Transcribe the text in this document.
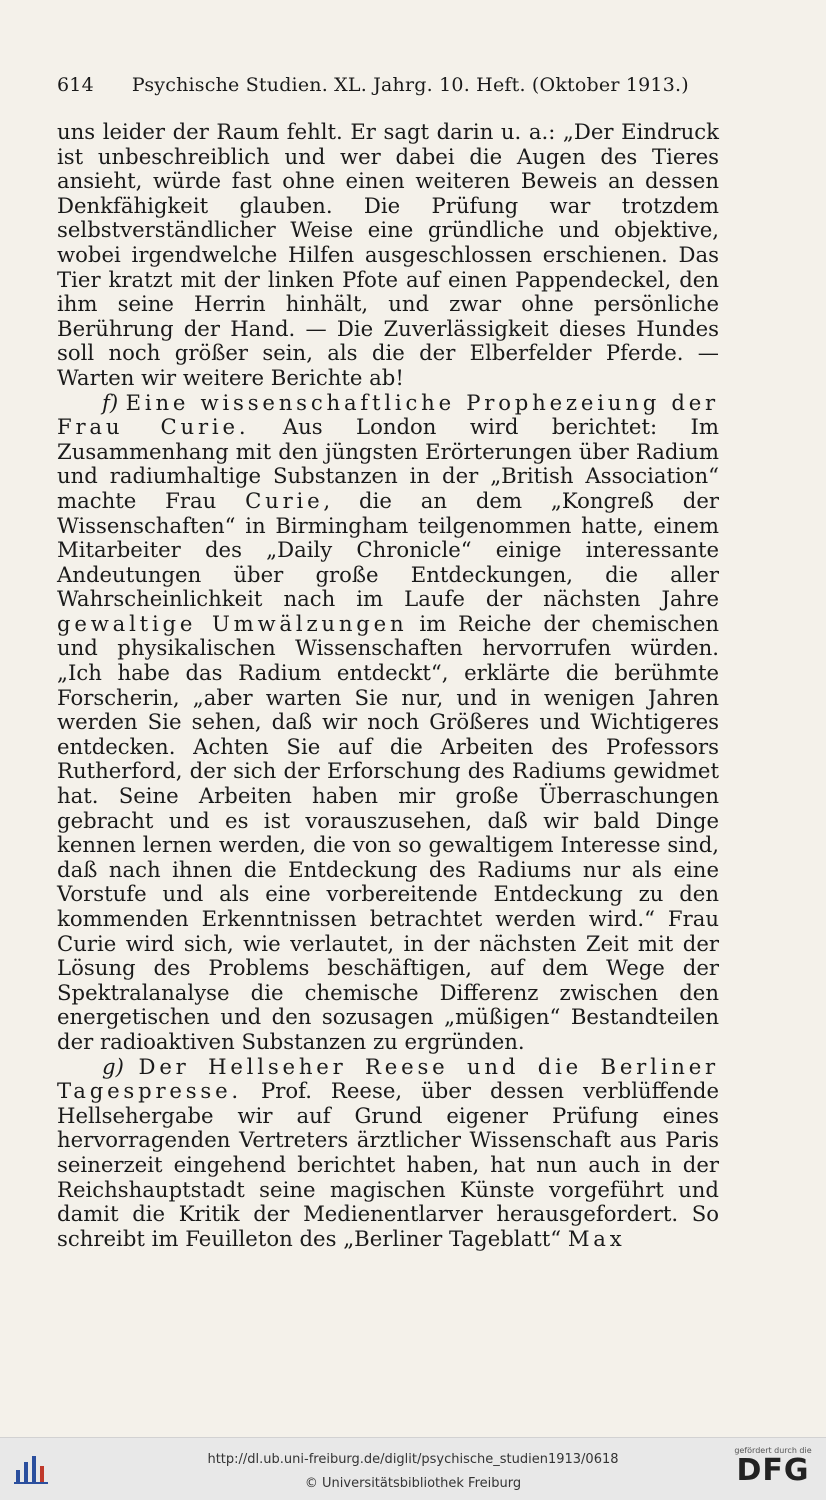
614 Psychische Studien. XL. Jahrg. 10. Heft. (Oktober 1913.)

uns leider der Raum fehlt. Er sagt darin u. a.: „Der Eindruck ist unbeschreiblich und wer dabei die Augen des Tieres ansieht, würde fast ohne einen weiteren Beweis an dessen Denkfähigkeit glauben. Die Prüfung war trotzdem selbstverständlicher Weise eine gründliche und objektive, wobei irgendwelche Hilfen ausgeschlossen erschienen. Das Tier kratzt mit der linken Pfote auf einen Pappendeckel, den ihm seine Herrin hinhält, und zwar ohne persönliche Berührung der Hand. — Die Zuverlässigkeit dieses Hundes soll noch größer sein, als die der Elberfelder Pferde. — Warten wir weitere Berichte ab!

f) Eine wissenschaftliche Prophezeiung der Frau Curie. Aus London wird berichtet: Im Zusammenhang mit den jüngsten Erörterungen über Radium und radiumhaltige Substanzen in der „British Association“ machte Frau Curie, die an dem „Kongreß der Wissenschaften“ in Birmingham teilgenommen hatte, einem Mitarbeiter des „Daily Chronicle“ einige interessante Andeutungen über große Entdeckungen, die aller Wahrscheinlichkeit nach im Laufe der nächsten Jahre gewaltige Umwälzungen im Reiche der chemischen und physikalischen Wissenschaften hervorrufen würden. „Ich habe das Radium entdeckt“, erklärte die berühmte Forscherin, „aber warten Sie nur, und in wenigen Jahren werden Sie sehen, daß wir noch Größeres und Wichtigeres entdecken. Achten Sie auf die Arbeiten des Professors Rutherford, der sich der Erforschung des Radiums gewidmet hat. Seine Arbeiten haben mir große Überraschungen gebracht und es ist vorauszusehen, daß wir bald Dinge kennen lernen werden, die von so gewaltigem Interesse sind, daß nach ihnen die Entdeckung des Radiums nur als eine Vorstufe und als eine vorbereitende Entdeckung zu den kommenden Erkenntnissen betrachtet werden wird.“ Frau Curie wird sich, wie verlautet, in der nächsten Zeit mit der Lösung des Problems beschäftigen, auf dem Wege der Spektralanalyse die chemische Differenz zwischen den energetischen und den sozusagen „müßigen“ Bestandteilen der radioaktiven Substanzen zu ergründen.

g) Der Hellseher Reese und die Berliner Tagespresse. Prof. Reese, über dessen verblüffende Hellsehergabe wir auf Grund eigener Prüfung eines hervorragenden Vertreters ärztlicher Wissenschaft aus Paris seinerzeit eingehend berichtet haben, hat nun auch in der Reichshauptstadt seine magischen Künste vorgeführt und damit die Kritik der Medienentlarver herausgefordert. So schreibt im Feuilleton des „Berliner Tageblatt“ Max

http://dl.ub.uni-freiburg.de/diglit/psychische_studien1913/0618
© Universitätsbibliothek Freiburg
gefördert durch die
DFG
